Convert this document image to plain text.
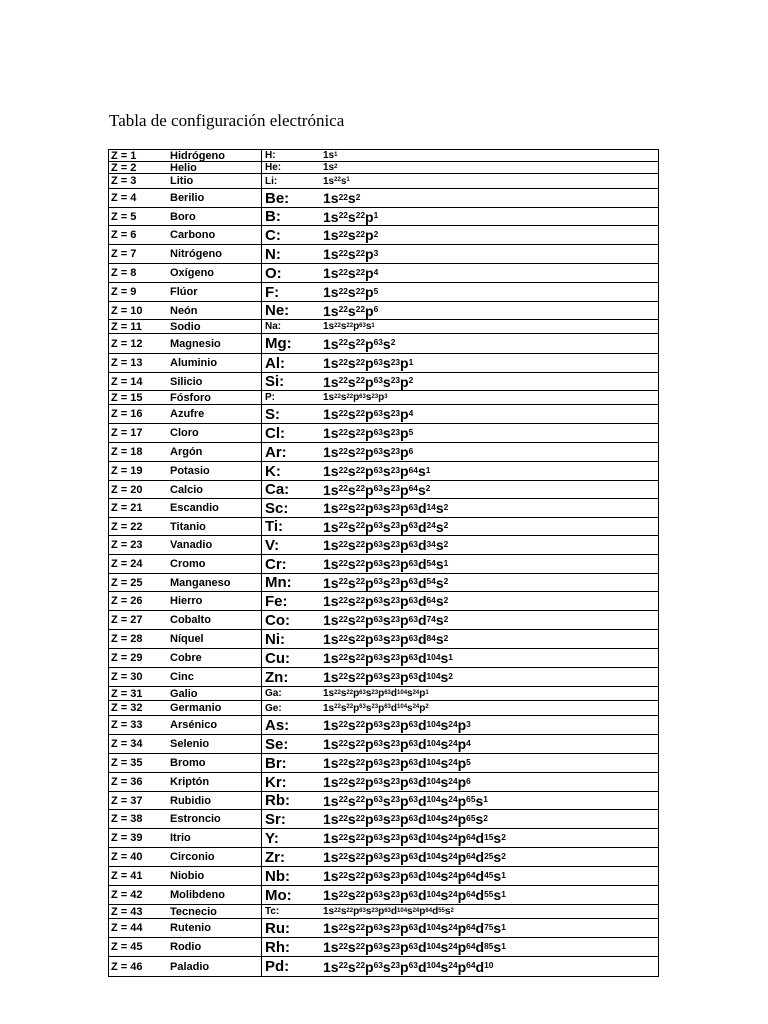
Tabla de configuración electrónica
Z = 1	Hidrógeno	H:	$1s^1$
Z = 2	Helio	He:	$1s^2$
Z = 3	Litio	Li:	$1s^{22}$ $s^1$
Z = 4	Berilio	Be:	$1s^{22}$ $s^2$
Z = 5	Boro	B:	$1s^{22}$ $s^{22}$ $p^1$
Z = 6	Carbono	C:	$1s^{22}$ $s^{22}$ $p^2$
Z = 7	Nitrógeno	N:	$1s^{22}$ $s^{22}$ $p^3$
Z = 8	Oxígeno	O:	$1s^{22}$ $s^{22}$ $p^4$
Z = 9	Flúor	F:	$1s^{22}$ $s^{22}$ $p^5$
Z = 10	Neón	Ne:	$1s^{22}$ $s^{22}$ $p^6$
Z = 11	Sodio	Na:	$1s^{22}$ $s^{22}$ $p^{63}$ $s^1$
Z = 12	Magnesio	Mg:	$1s^{22}$ $s^{22}$ $p^{63}$ $s^2$
Z = 13	Aluminio	Al:	$1s^{22}$ $s^{22}$ $p^{63}$ $s^{23}$ $p^1$
Z = 14	Silicio	Si:	$1s^{22}$ $s^{22}$ $p^{63}$ $s^{23}$ $p^2$
Z = 15	Fósforo	P:	$1s^{22}$ $s^{22}$ $p^{63}$ $s^{23}$ $p^3$
Z = 16	Azufre	S:	$1s^{22}$ $s^{22}$ $p^{63}$ $s^{23}$ $p^4$
Z = 17	Cloro	Cl:	$1s^{22}$ $s^{22}$ $p^{63}$ $s^{23}$ $p^5$
Z = 18	Argón	Ar:	$1s^{22}$ $s^{22}$ $p^{63}$ $s^{23}$ $p^6$
Z = 19	Potasio	K:	$1s^{22}$ $s^{22}$ $p^{63}$ $s^{23}$ $p^{64}$ $s^1$
Z = 20	Calcio	Ca:	$1s^{22}$ $s^{22}$ $p^{63}$ $s^{23}$ $p^{64}$ $s^2$
Z = 21	Escandio	Sc:	$1s^{22}$ $s^{22}$ $p^{63}$ $s^{23}$ $p^{63}$ $d^{14}$ $s^2$
Z = 22	Titanio	Ti:	$1s^{22}$ $s^{22}$ $p^{63}$ $s^{23}$ $p^{63}$ $d^{24}$ $s^2$
Z = 23	Vanadio	V:	$1s^{22}$ $s^{22}$ $p^{63}$ $s^{23}$ $p^{63}$ $d^{34}$ $s^2$
Z = 24	Cromo	Cr:	$1s^{22}$ $s^{22}$ $p^{63}$ $s^{23}$ $p^{63}$ $d^{54}$ $s^1$
Z = 25	Manganeso	Mn:	$1s^{22}$ $s^{22}$ $p^{63}$ $s^{23}$ $p^{63}$ $d^{54}$ $s^2$
Z = 26	Hierro	Fe:	$1s^{22}$ $s^{22}$ $p^{63}$ $s^{23}$ $p^{63}$ $d^{64}$ $s^2$
Z = 27	Cobalto	Co:	$1s^{22}$ $s^{22}$ $p^{63}$ $s^{23}$ $p^{63}$ $d^{74}$ $s^2$
Z = 28	Níquel	Ni:	$1s^{22}$ $s^{22}$ $p^{63}$ $s^{23}$ $p^{63}$ $d^{84}$ $s^2$
Z = 29	Cobre	Cu:	$1s^{22}$ $s^{22}$ $p^{63}$ $s^{23}$ $p^{63}$ $d^{104}$ $s^1$
Z = 30	Cinc	Zn:	$1s^{22}$ $s^{22}$ $p^{63}$ $s^{23}$ $p^{63}$ $d^{104}$ $s^2$
Z = 31	Galio	Ga:	$1s^{22}$ $s^{22}$ $p^{63}$ $s^{23}$ $p^{63}$ $d^{104}$ $s^{24}$ $p^1$
Z = 32	Germanio	Ge:	$1s^{22}$ $s^{22}$ $p^{63}$ $s^{23}$ $p^{63}$ $d^{104}$ $s^{24}$ $p^2$
Z = 33	Arsénico	As:	$1s^{22}$ $s^{22}$ $p^{63}$ $s^{23}$ $p^{63}$ $d^{104}$ $s^{24}$ $p^3$
Z = 34	Selenio	Se:	$1s^{22}$ $s^{22}$ $p^{63}$ $s^{23}$ $p^{63}$ $d^{104}$ $s^{24}$ $p^4$
Z = 35	Bromo	Br:	$1s^{22}$ $s^{22}$ $p^{63}$ $s^{23}$ $p^{63}$ $d^{104}$ $s^{24}$ $p^5$
Z = 36	Kriptón	Kr:	$1s^{22}$ $s^{22}$ $p^{63}$ $s^{23}$ $p^{63}$ $d^{104}$ $s^{24}$ $p^6$
Z = 37	Rubidio	Rb:	$1s^{22}$ $s^{22}$ $p^{63}$ $s^{23}$ $p^{63}$ $d^{104}$ $s^{24}$ $p^{65}$ $s^1$
Z = 38	Estroncio	Sr:	$1s^{22}$ $s^{22}$ $p^{63}$ $s^{23}$ $p^{63}$ $d^{104}$ $s^{24}$ $p^{65}$ $s^2$
Z = 39	Itrio	Y:	$1s^{22}$ $s^{22}$ $p^{63}$ $s^{23}$ $p^{63}$ $d^{104}$ $s^{24}$ $p^{64}$ $d^{15}$ $s^2$
Z = 40	Circonio	Zr:	$1s^{22}$ $s^{22}$ $p^{63}$ $s^{23}$ $p^{63}$ $d^{104}$ $s^{24}$ $p^{64}$ $d^{25}$ $s^2$
Z = 41	Niobio	Nb:	$1s^{22}$ $s^{22}$ $p^{63}$ $s^{23}$ $p^{63}$ $d^{104}$ $s^{24}$ $p^{64}$ $d^{45}$ $s^1$
Z = 42	Molibdeno	Mo:	$1s^{22}$ $s^{22}$ $p^{63}$ $s^{23}$ $p^{63}$ $d^{104}$ $s^{24}$ $p^{64}$ $d^{55}$ $s^1$
Z = 43	Tecnecio	Tc:	$1s^{22}$ $s^{22}$ $p^{63}$ $s^{23}$ $p^{63}$ $d^{104}$ $s^{24}$ $p^{64}$ $d^{55}$ $s^2$
Z = 44	Rutenio	Ru:	$1s^{22}$ $s^{22}$ $p^{63}$ $s^{23}$ $p^{63}$ $d^{104}$ $s^{24}$ $p^{64}$ $d^{75}$ $s^1$
Z = 45	Rodio	Rh:	$1s^{22}$ $s^{22}$ $p^{63}$ $s^{23}$ $p^{63}$ $d^{104}$ $s^{24}$ $p^{64}$ $d^{85}$ $s^1$
Z = 46	Paladio	Pd:	$1s^{22}$ $s^{22}$ $p^{63}$ $s^{23}$ $p^{63}$ $d^{104}$ $s^{24}$ $p^{64}$ $d^{10}$
